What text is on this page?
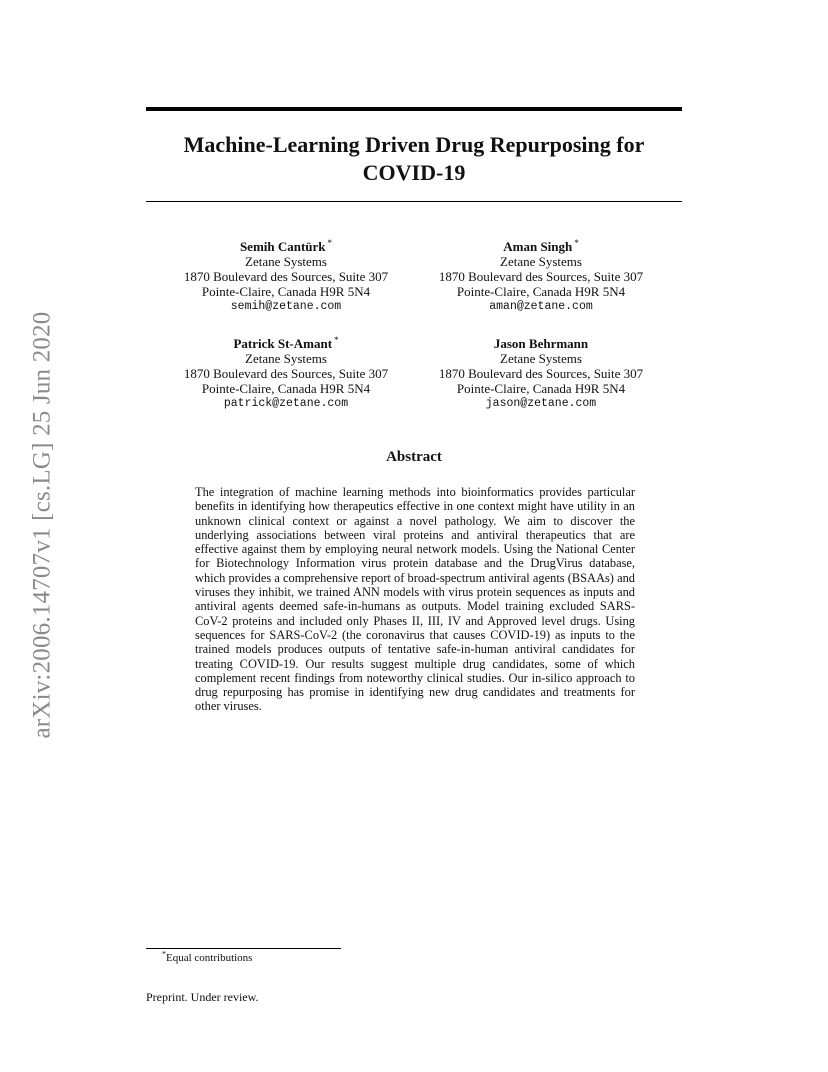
arXiv:2006.14707v1 [cs.LG] 25 Jun 2020
Machine-Learning Driven Drug Repurposing for COVID-19
Semih Cantürk *
Zetane Systems
1870 Boulevard des Sources, Suite 307
Pointe-Claire, Canada H9R 5N4
semih@zetane.com
Aman Singh *
Zetane Systems
1870 Boulevard des Sources, Suite 307
Pointe-Claire, Canada H9R 5N4
aman@zetane.com
Patrick St-Amant *
Zetane Systems
1870 Boulevard des Sources, Suite 307
Pointe-Claire, Canada H9R 5N4
patrick@zetane.com
Jason Behrmann
Zetane Systems
1870 Boulevard des Sources, Suite 307
Pointe-Claire, Canada H9R 5N4
jason@zetane.com
Abstract

The integration of machine learning methods into bioinformatics provides particular benefits in identifying how therapeutics effective in one context might have utility in an unknown clinical context or against a novel pathology. We aim to discover the underlying associations between viral proteins and antiviral therapeutics that are effective against them by employing neural network models. Using the National Center for Biotechnology Information virus protein database and the DrugVirus database, which provides a comprehensive report of broad-spectrum antiviral agents (BSAAs) and viruses they inhibit, we trained ANN models with virus protein sequences as inputs and antiviral agents deemed safe-in-humans as outputs. Model training excluded SARS-CoV-2 proteins and included only Phases II, III, IV and Approved level drugs. Using sequences for SARS-CoV-2 (the coronavirus that causes COVID-19) as inputs to the trained models produces outputs of tentative safe-in-human antiviral candidates for treating COVID-19. Our results suggest multiple drug candidates, some of which complement recent findings from noteworthy clinical studies. Our in-silico approach to drug repurposing has promise in identifying new drug candidates and treatments for other viruses.

*Equal contributions
Preprint. Under review.
